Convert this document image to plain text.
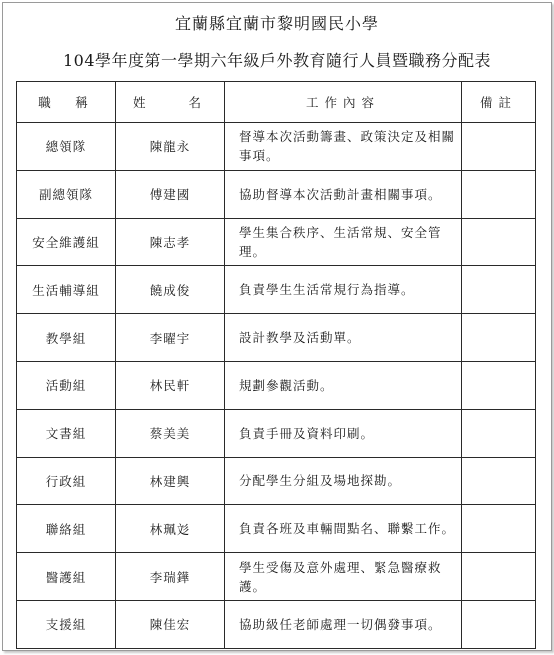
宜蘭縣宜蘭市黎明國民小學
104學年度第一學期六年級戶外教育隨行人員暨職務分配表
職　稱	姓　　名	工作內容	備註
總領隊	陳龍永	督導本次活動籌畫、政策決定及相關事項。	
副總領隊	傅建國	協助督導本次活動計畫相關事項。	
安全維護組	陳志孝	學生集合秩序、生活常規、安全管理。	
生活輔導組	饒成俊	負責學生生活常規行為指導。	
教學組	李曜宇	設計教學及活動單。	
活動組	林民軒	規劃參觀活動。	
文書組	蔡美美	負責手冊及資料印刷。	
行政組	林建興	分配學生分組及場地探勘。	
聯絡組	林珮彣	負責各班及車輛間點名、聯繫工作。	
醫護組	李瑞鏵	學生受傷及意外處理、緊急醫療救護。	
支援組	陳佳宏	協助級任老師處理一切偶發事項。	
